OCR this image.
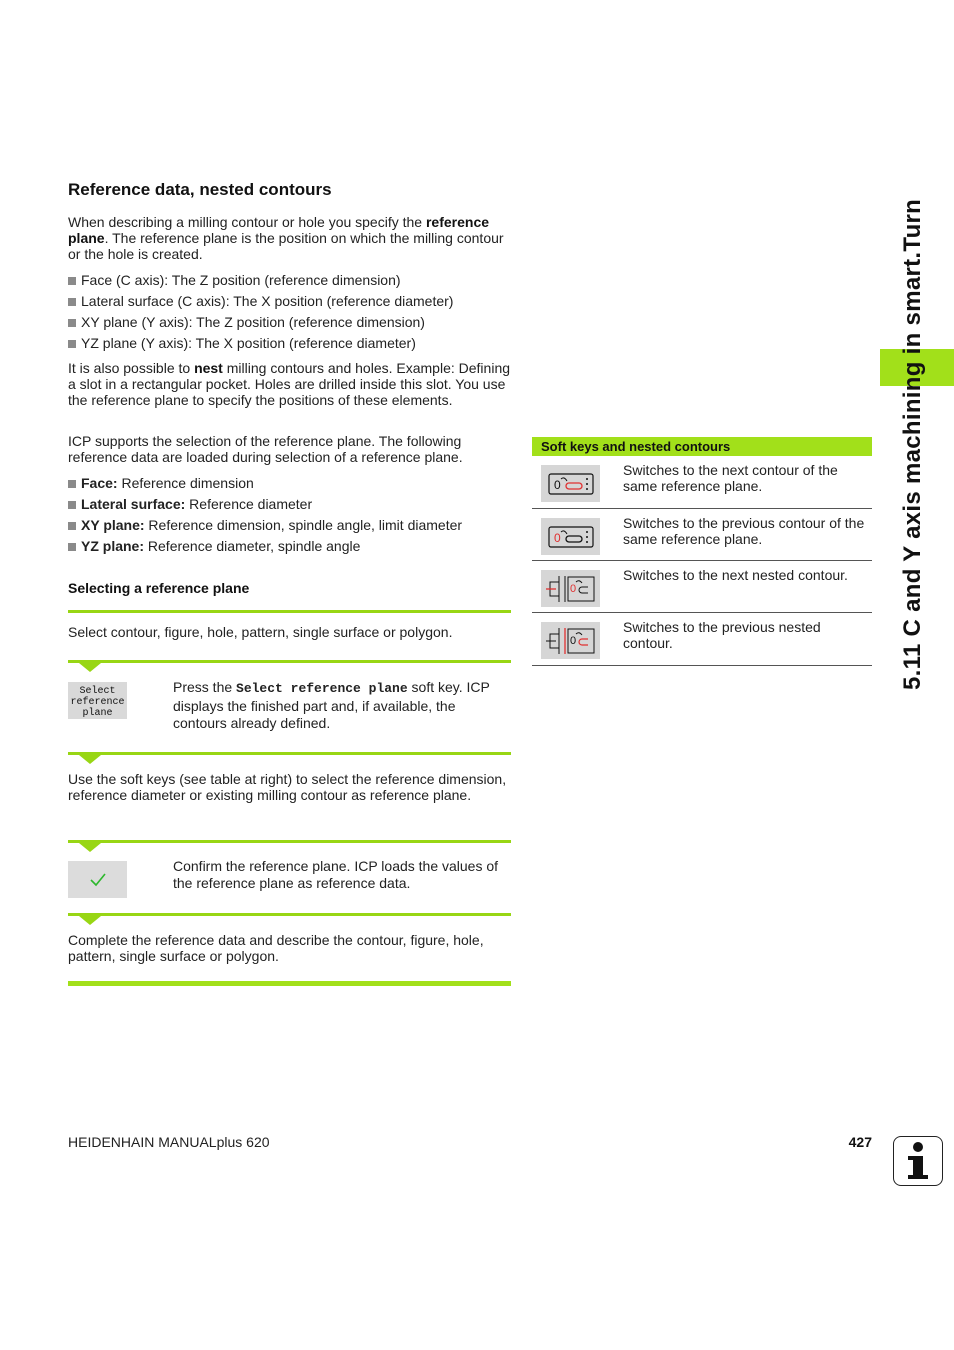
Reference data, nested contours

When describing a milling contour or hole you specify the reference plane. The reference plane is the position on which the milling contour or the hole is created.

Face (C axis): The Z position (reference dimension)
Lateral surface (C axis): The X position (reference diameter)
XY plane (Y axis): The Z position (reference dimension)
YZ plane (Y axis): The X position (reference diameter)

It is also possible to nest milling contours and holes. Example: Defining a slot in a rectangular pocket. Holes are drilled inside this slot. You use the reference plane to specify the positions of these elements.

ICP supports the selection of the reference plane. The following reference data are loaded during selection of a reference plane.

Face: Reference dimension
Lateral surface: Reference diameter
XY plane: Reference dimension, spindle angle, limit diameter
YZ plane: Reference diameter, spindle angle
Selecting a reference plane

Select contour, figure, hole, pattern, single surface or polygon.

Select reference plane

Press the Select reference plane soft key. ICP displays the finished part and, if available, the contours already defined.

Use the soft keys (see table at right) to select the reference dimension, reference diameter or existing milling contour as reference plane.

Confirm the reference plane. ICP loads the values of the reference plane as reference data.

Complete the reference data and describe the contour, figure, hole, pattern, single surface or polygon.

Soft keys and nested contours
0
Switches to the next contour of the same reference plane.
0
Switches to the previous contour of the same reference plane.
0
Switches to the next nested contour.
0
Switches to the previous nested contour.	5.11 C and Y axis machining in smart.Turn
HEIDENHAIN MANUALplus 620	427
